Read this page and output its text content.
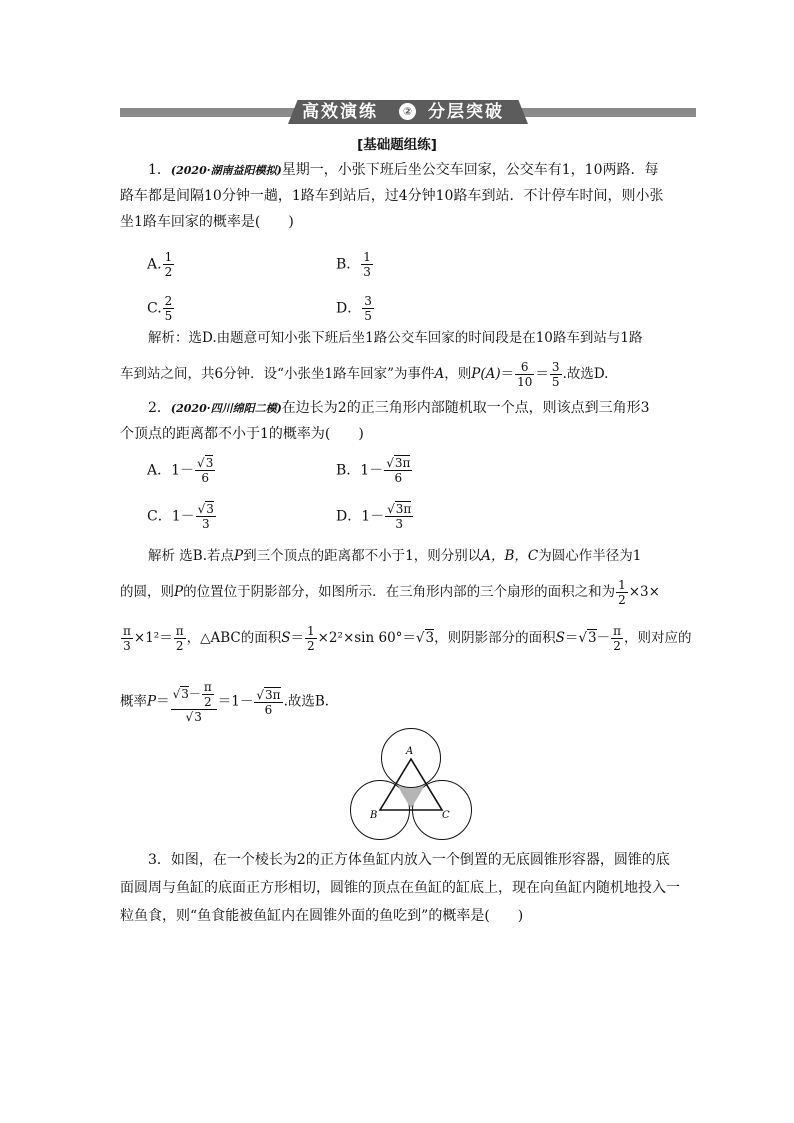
高效演练	② 分层突破
[基础题组练]
1．(2020·湖南益阳模拟)星期一，小张下班后坐公交车回家，公交车有1，10两路．每
路车都是间隔10分钟一趟，1路车到站后，过4分钟10路车到站．不计停车时间，则小张
坐1路车回家的概率是(　　)
A. $\frac{1}{2}$	B． $\frac{1}{3}$
C. $\frac{2}{5}$	D． $\frac{3}{5}$
解析：选D.由题意可知小张下班后坐1路公交车回家的时间段是在10路车到站与1路
车到站之间，共6分钟．设“小张坐1路车回家”为事件A，则$P(A)= \frac{6}{10} = \frac{3}{5}$ .故选D.
2．(2020·四川绵阳二模)在边长为2的正三角形内部随机取一个点，则该点到三角形3
个顶点的距离都不小于1的概率为(　　)
A．$1- \frac{√3}{6}$	B．$1- \frac{√3\pi}{6}$
C．$1- \frac{√3}{3}$	D．$1- \frac{√3\pi}{3}$
解析 选B.若点P到三个顶点的距离都不小于1，则分别以A，B，C为圆心作半径为1
的圆，则P的位置位于阴影部分，如图所示．在三角形内部的三个扇形的面积之和为 $\frac{1}{2} \times 3\times$
$\frac{\pi}{3} \times 1^2= \frac{\pi}{2}$ ，△ABC的面积$S= \frac{1}{2} \times 2^2\times\sin$ 60°＝√3，则阴影部分的面积$S=√3- \frac{\pi}{2}$ ，则对应的
概率$P= \frac{√3- \frac{\pi}{2}}{√3} =1- \frac{√3\pi}{6}$ .故选B.
A
B	C
3．如图，在一个棱长为2的正方体鱼缸内放入一个倒置的无底圆锥形容器，圆锥的底
面圆周与鱼缸的底面正方形相切，圆锥的顶点在鱼缸的缸底上，现在向鱼缸内随机地投入一
粒鱼食，则“鱼食能被鱼缸内在圆锥外面的鱼吃到”的概率是(　　)
